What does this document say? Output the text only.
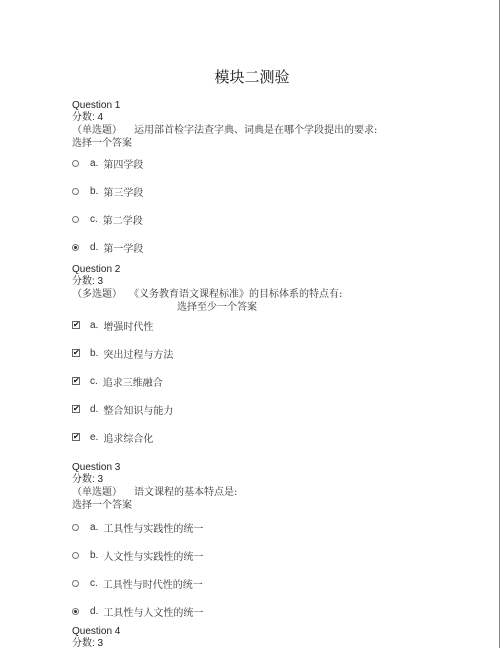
模块二测验
Question 1
分数: 4
（单选题） 运用部首检字法查字典、词典是在哪个学段提出的要求:
选择一个答案
a. 第四学段
b. 第三学段
c. 第二学段
d. 第一学段
Question 2
分数: 3
（多选题） 《义务教育语文课程标准》的目标体系的特点有:
选择至少一个答案
✔ a. 增强时代性
✔ b. 突出过程与方法
✔ c. 追求三维融合
✔ d. 整合知识与能力
✔ e. 追求综合化
Question 3
分数: 3
（单选题） 语文课程的基本特点是:
选择一个答案
a. 工具性与实践性的统一
b. 人文性与实践性的统一
c. 工具性与时代性的统一
d. 工具性与人文性的统一
Question 4
分数: 3
